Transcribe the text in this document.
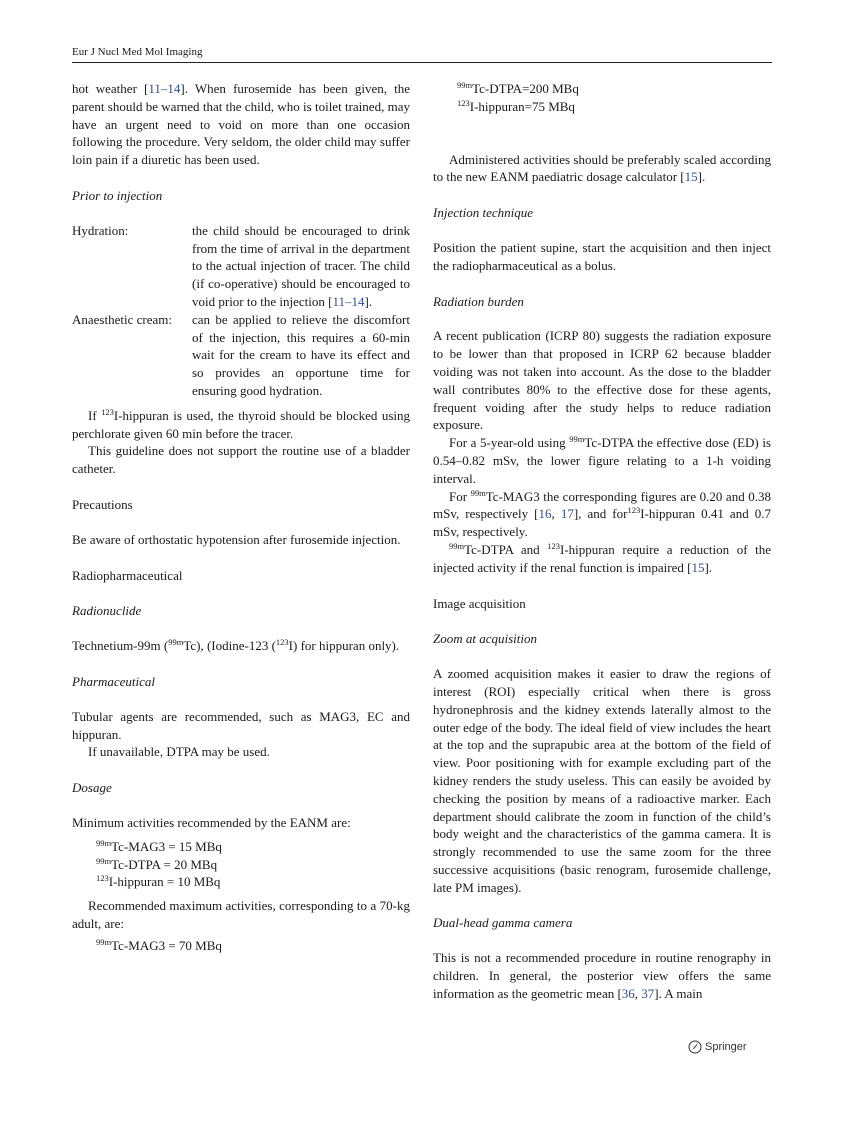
Eur J Nucl Med Mol Imaging

hot weather [11–14]. When furosemide has been given, the parent should be warned that the child, who is toilet trained, may have an urgent need to void on more than one occasion following the procedure. Very seldom, the older child may suffer loin pain if a diuretic has been used.

Prior to injection

Hydration:	the child should be encouraged to drink from the time of arrival in the department to the actual injection of tracer. The child (if co-operative) should be encouraged to void prior to the injection [11–14].
Anaesthetic cream:	can be applied to relieve the discomfort of the injection, this requires a 60-min wait for the cream to have its effect and so provides an opportune time for ensuring good hydration.

If $^{123}$I-hippuran is used, the thyroid should be blocked using perchlorate given 60 min before the tracer.

This guideline does not support the routine use of a bladder catheter.

Precautions

Be aware of orthostatic hypotension after furosemide injection.

Radiopharmaceutical

Radionuclide

Technetium-99m ($^{99m}$Tc), (Iodine-123 ($^{123}$I) for hippuran only).

Pharmaceutical

Tubular agents are recommended, such as MAG3, EC and hippuran.

If unavailable, DTPA may be used.

Dosage

Minimum activities recommended by the EANM are:

$^{99m}$Tc-MAG3 = 15 MBq

$^{99m}$Tc-DTPA = 20 MBq

$^{123}$I-hippuran = 10 MBq

Recommended maximum activities, corresponding to a 70-kg adult, are:

$^{99m}$Tc-MAG3 = 70 MBq

$^{99m}$Tc-DTPA=200 MBq

$^{123}$I-hippuran=75 MBq

Administered activities should be preferably scaled according to the new EANM paediatric dosage calculator [15].

Injection technique

Position the patient supine, start the acquisition and then inject the radiopharmaceutical as a bolus.

Radiation burden

A recent publication (ICRP 80) suggests the radiation exposure to be lower than that proposed in ICRP 62 because bladder voiding was not taken into account. As the dose to the bladder wall contributes 80% to the effective dose for these agents, frequent voiding after the study helps to reduce radiation exposure.

For a 5-year-old using $^{99m}$Tc-DTPA the effective dose (ED) is 0.54–0.82 mSv, the lower figure relating to a 1-h voiding interval.

For $^{99m}$Tc-MAG3 the corresponding figures are 0.20 and 0.38 mSv, respectively [16, 17], and for$^{123}$I-hippuran 0.41 and 0.7 mSv, respectively.

$^{99m}$Tc-DTPA and $^{123}$I-hippuran require a reduction of the injected activity if the renal function is impaired [15].

Image acquisition

Zoom at acquisition

A zoomed acquisition makes it easier to draw the regions of interest (ROI) especially critical when there is gross hydronephrosis and the kidney extends laterally almost to the outer edge of the body. The ideal field of view includes the heart at the top and the suprapubic area at the bottom of the field of view. Poor positioning with for example excluding part of the kidney renders the study useless. This can easily be avoided by checking the position by means of a radioactive marker. Each department should calibrate the zoom in function of the child’s body weight and the characteristics of the gamma camera. It is strongly recommended to use the same zoom for the three successive acquisitions (basic renogram, furosemide challenge, late PM images).

Dual-head gamma camera

This is not a recommended procedure in routine renography in children. In general, the posterior view offers the same information as the geometric mean [36, 37]. A main

Springer
